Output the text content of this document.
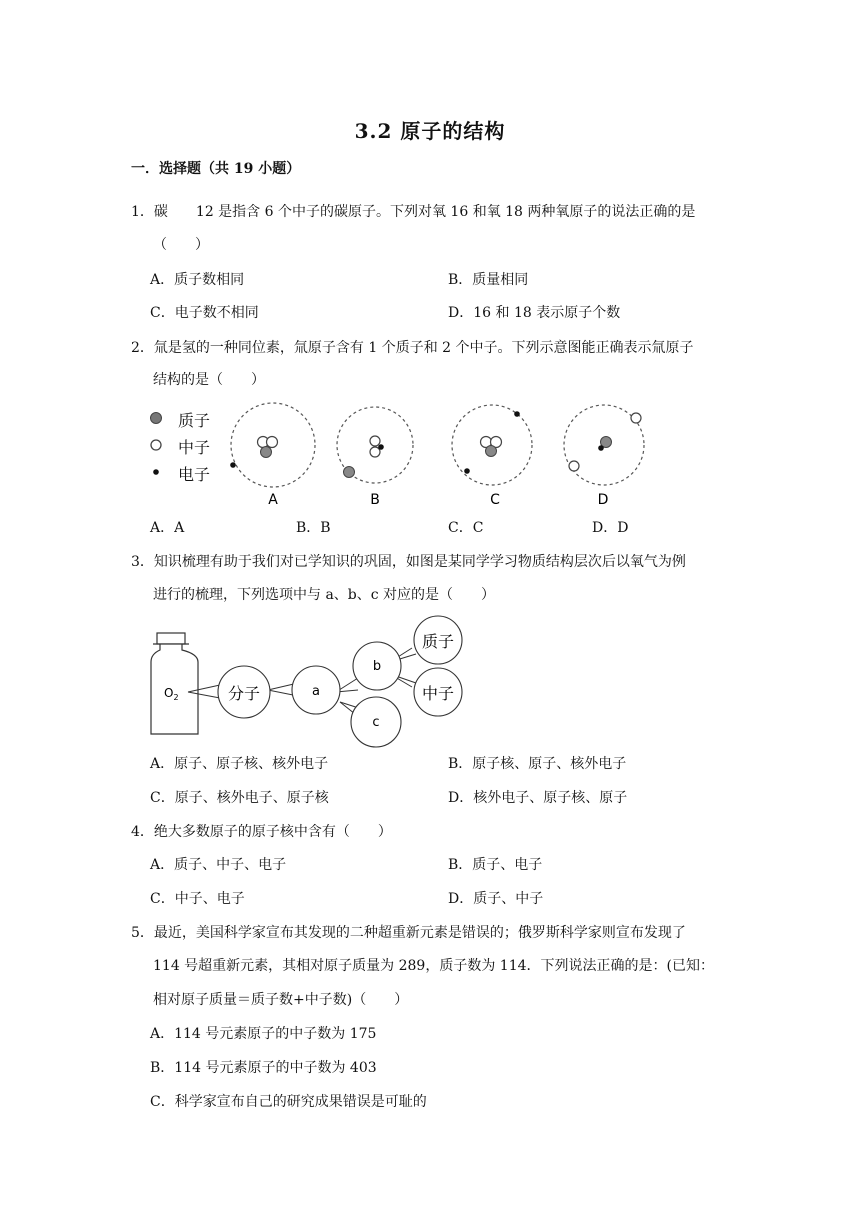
3.2 原子的结构
一．选择题（共 19 小题）
1．碳　　12 是指含 6 个中子的碳原子。下列对氧 16 和氧 18 两种氧原子的说法正确的是
（　　）
A．质子数相同	B．质量相同
C．电子数不相同	D．16 和 18 表示原子个数
2．氚是氢的一种同位素，氚原子含有 1 个质子和 2 个中子。下列示意图能正确表示氚原子
结构的是（　　）
质子
中子
电子
A	B	C	D
A．A	B．B	C．C	D．D
3．知识梳理有助于我们对已学知识的巩固，如图是某同学学习物质结构层次后以氧气为例
进行的梳理，下列选项中与 a、b、c 对应的是（　　）
$O_2$	分子	a
b
c
质子
中子
A．原子、原子核、核外电子	B．原子核、原子、核外电子
C．原子、核外电子、原子核	D．核外电子、原子核、原子
4．绝大多数原子的原子核中含有（　　）
A．质子、中子、电子	B．质子、电子
C．中子、电子	D．质子、中子
5．最近，美国科学家宣布其发现的二种超重新元素是错误的；俄罗斯科学家则宣布发现了
114 号超重新元素，其相对原子质量为 289，质子数为 114．下列说法正确的是：(已知：
相对原子质量＝质子数+中子数)（　　）
A．114 号元素原子的中子数为 175
B．114 号元素原子的中子数为 403
C．科学家宣布自己的研究成果错误是可耻的
